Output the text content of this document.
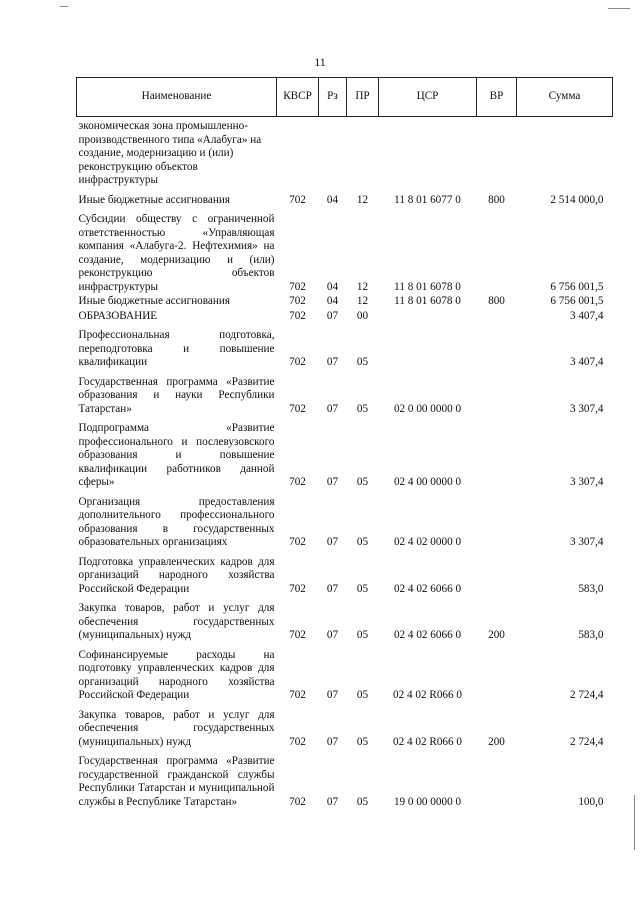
11
Наименование	КВСР	Рз	ПР	ЦСР	ВР	Сумма
экономическая зона промышленно-производственного типа «Алабуга» на создание, модернизацию и (или) реконструкцию объектов инфраструктуры						
Иные бюджетные ассигнования	702	04	12	11 8 01 6077 0	800	2 514 000,0
Субсидии обществу с ограниченной ответственностью «Управляющая компания «Алабуга-2. Нефтехимия» на создание, модернизацию и (или) реконструкцию объектов инфраструктуры	702	04	12	11 8 01 6078 0		6 756 001,5
Иные бюджетные ассигнования	702	04	12	11 8 01 6078 0	800	6 756 001,5
ОБРАЗОВАНИЕ	702	07	00			3 407,4
Профессиональная подготовка, переподготовка и повышение квалификации	702	07	05			3 407,4
Государственная программа «Развитие образования и науки Республики Татарстан»	702	07	05	02 0 00 0000 0		3 307,4
Подпрограмма «Развитие профессионального и послевузовского образования и повышение квалификации работников данной сферы»	702	07	05	02 4 00 0000 0		3 307,4
Организация предоставления дополнительного профессионального образования в государственных образовательных организациях	702	07	05	02 4 02 0000 0		3 307,4
Подготовка управленческих кадров для организаций народного хозяйства Российской Федерации	702	07	05	02 4 02 6066 0		583,0
Закупка товаров, работ и услуг для обеспечения государственных (муниципальных) нужд	702	07	05	02 4 02 6066 0	200	583,0
Софинансируемые расходы на подготовку управленческих кадров для организаций народного хозяйства Российской Федерации	702	07	05	02 4 02 R066 0		2 724,4
Закупка товаров, работ и услуг для обеспечения государственных (муниципальных) нужд	702	07	05	02 4 02 R066 0	200	2 724,4
Государственная программа «Развитие государственной гражданской службы Республики Татарстан и муниципальной службы в Республике Татарстан»	702	07	05	19 0 00 0000 0		100,0
